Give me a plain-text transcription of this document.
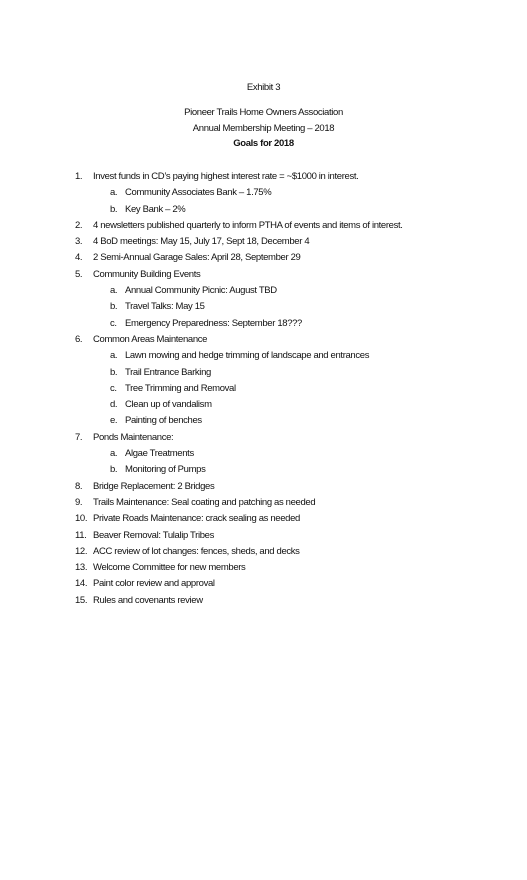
Exhibit 3
Pioneer Trails Home Owners Association
Annual Membership Meeting – 2018
Goals for 2018
1.	Invest funds in CD’s paying highest interest rate = ~$1000 in interest.
a. Community Associates Bank – 1.75%
b. Key Bank – 2%
2.	4 newsletters published quarterly to inform PTHA of events and items of interest.
3.	4 BoD meetings: May 15, July 17, Sept 18, December 4
4.	2 Semi-Annual Garage Sales: April 28, September 29
5.	Community Building Events
a. Annual Community Picnic: August TBD
b. Travel Talks: May 15
c. Emergency Preparedness: September 18???
6.	Common Areas Maintenance
a. Lawn mowing and hedge trimming of landscape and entrances
b. Trail Entrance Barking
c. Tree Trimming and Removal
d. Clean up of vandalism
e. Painting of benches
7.	Ponds Maintenance:
a. Algae Treatments
b. Monitoring of Pumps
8.	Bridge Replacement: 2 Bridges
9.	Trails Maintenance: Seal coating and patching as needed
10. Private Roads Maintenance: crack sealing as needed
11. Beaver Removal: Tulalip Tribes
12. ACC review of lot changes: fences, sheds, and decks
13. Welcome Committee for new members
14. Paint color review and approval
15. Rules and covenants review
